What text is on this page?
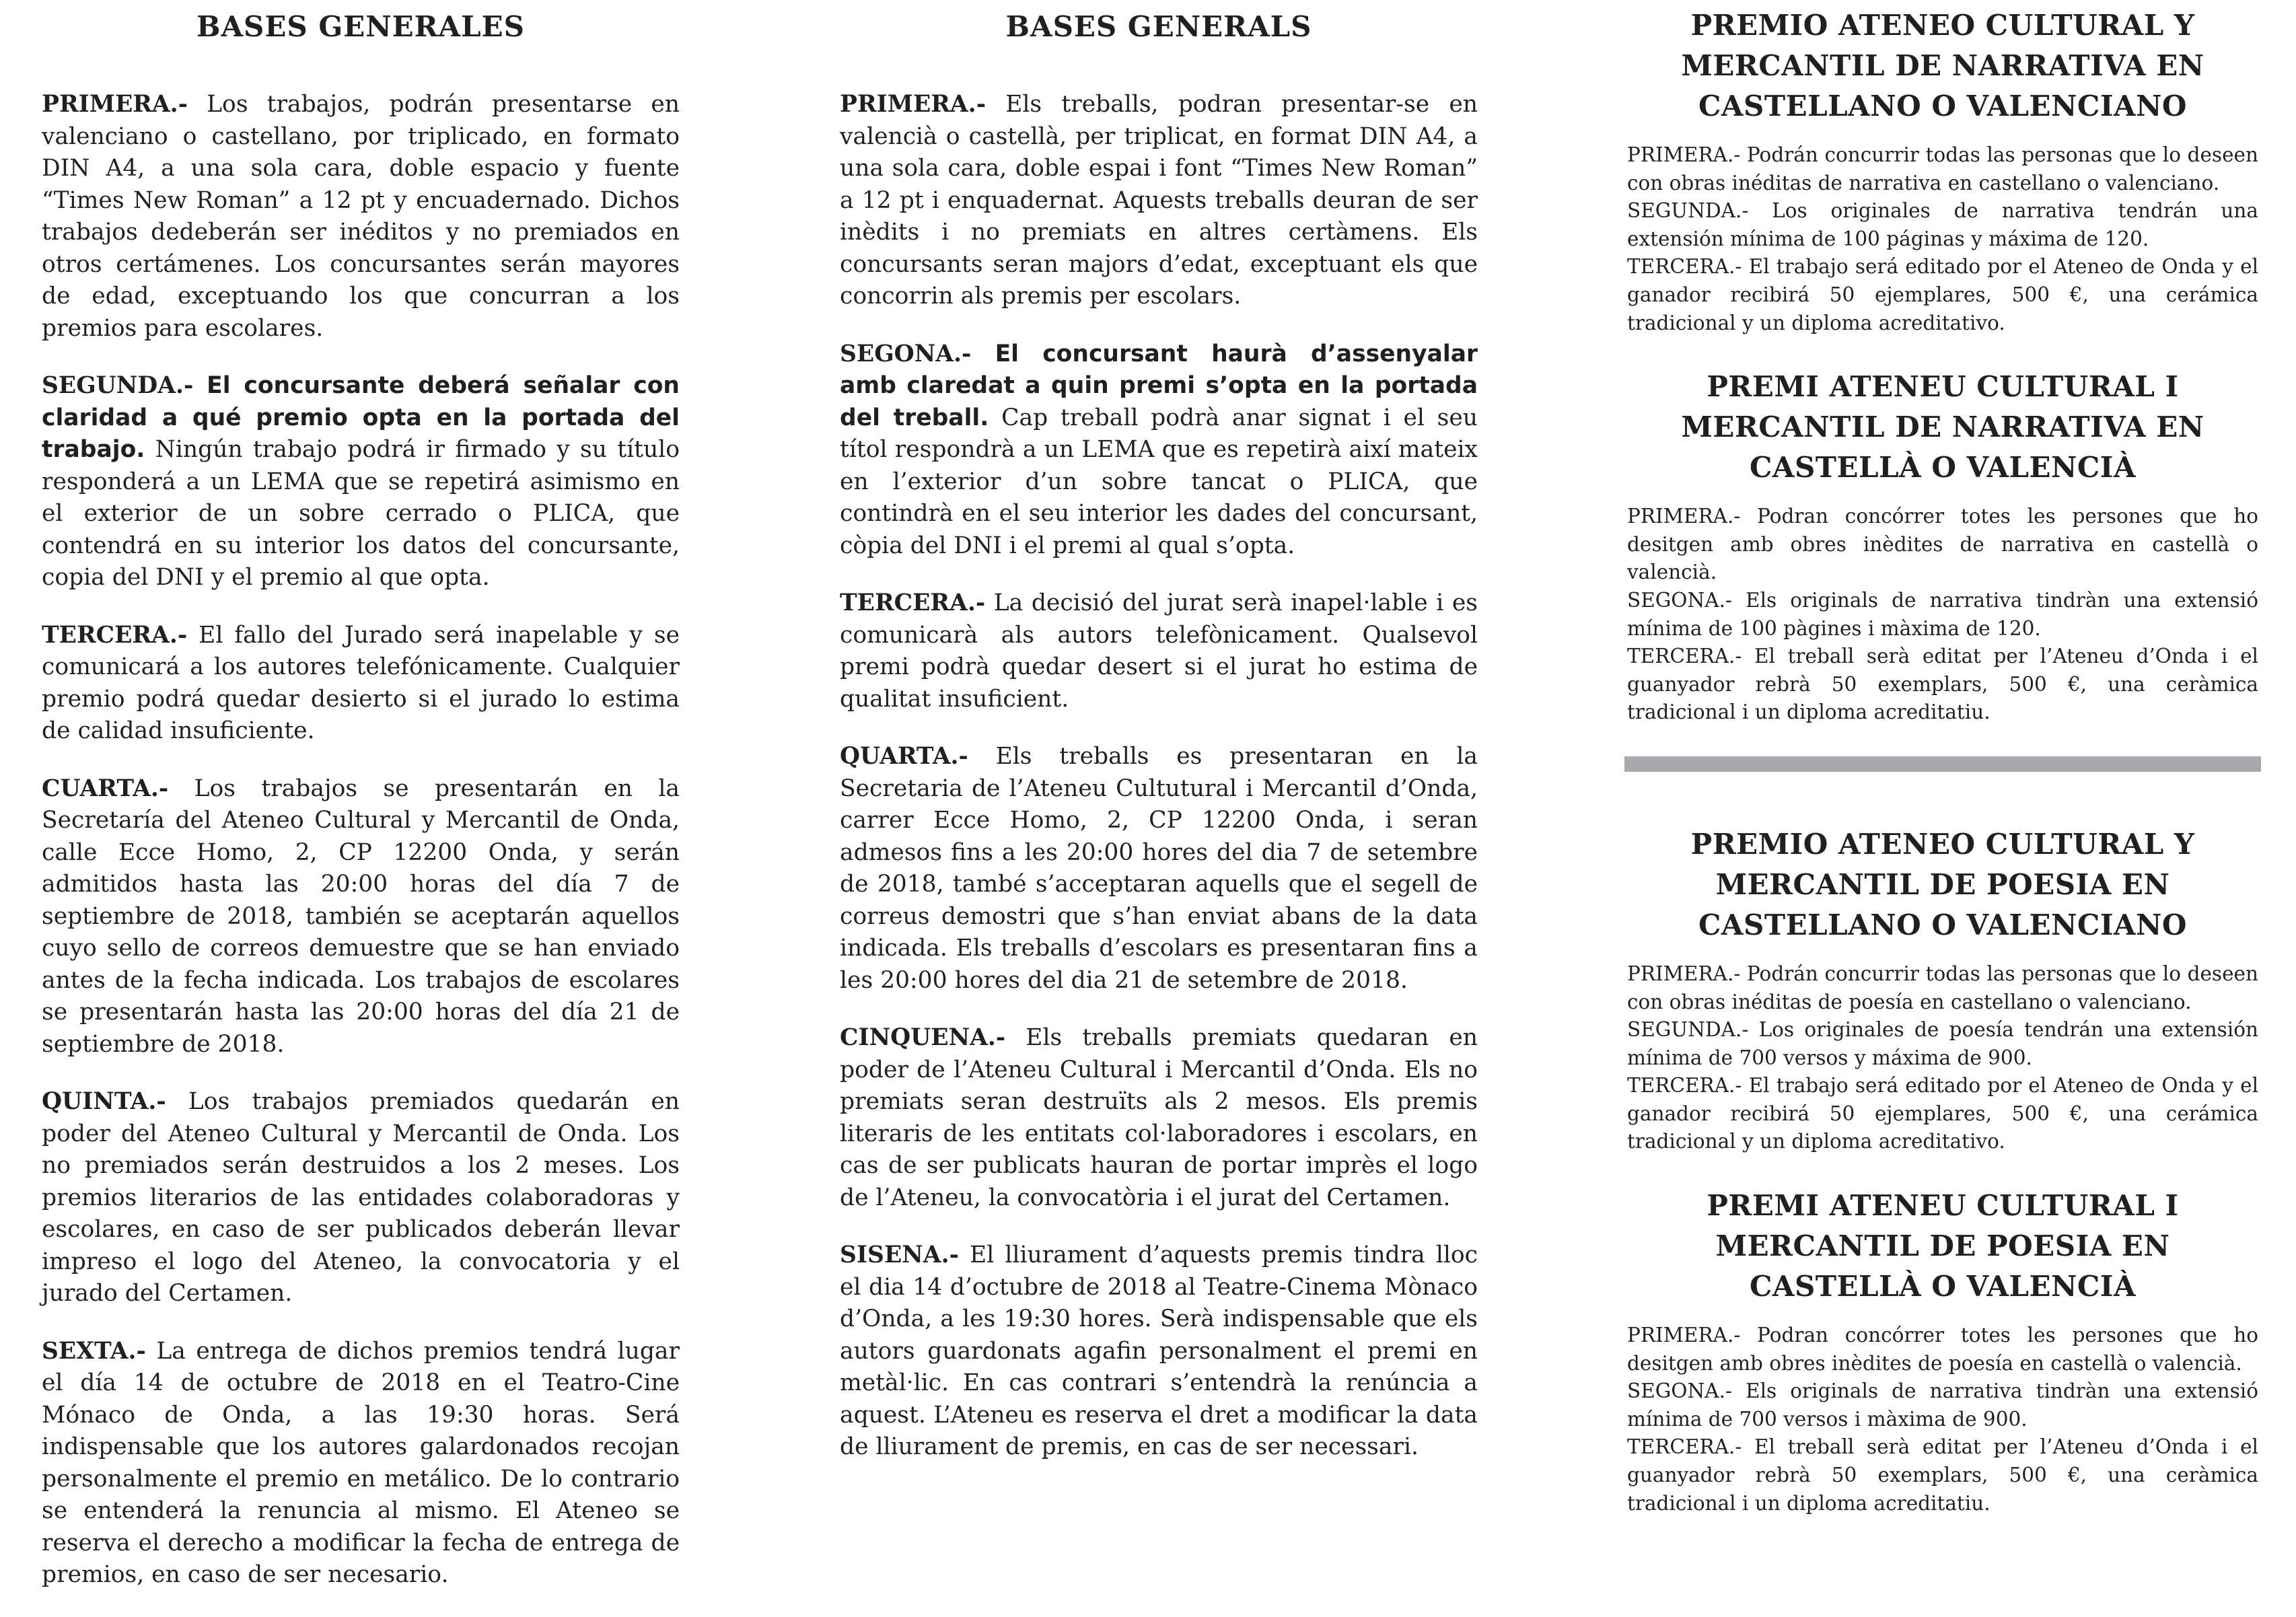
BASES GENERALES

PRIMERA.- Los trabajos, podrán presentarse en valenciano o castellano, por triplicado, en formato DIN A4, a una sola cara, doble espacio y fuente “Times New Roman” a 12 pt y encuadernado. Dichos trabajos dedeberán ser inéditos y no premiados en otros certámenes. Los concursantes serán mayores de edad, exceptuando los que concurran a los premios para escolares.

SEGUNDA.- El concursante deberá señalar con claridad a qué premio opta en la portada del trabajo. Ningún trabajo podrá ir firmado y su título responderá a un LEMA que se repetirá asimismo en el exterior de un sobre cerrado o PLICA, que contendrá en su interior los datos del concursante, copia del DNI y el premio al que opta.

TERCERA.- El fallo del Jurado será inapelable y se comunicará a los autores telefónicamente. Cualquier premio podrá quedar desierto si el jurado lo estima de calidad insuficiente.

CUARTA.- Los trabajos se presentarán en la Secretaría del Ateneo Cultural y Mercantil de Onda, calle Ecce Homo, 2, CP 12200 Onda, y serán admitidos hasta las 20:00 horas del día 7 de septiembre de 2018, también se aceptarán aquellos cuyo sello de correos demuestre que se han enviado antes de la fecha indicada. Los trabajos de escolares se presentarán hasta las 20:00 horas del día 21 de septiembre de 2018.

QUINTA.- Los trabajos premiados quedarán en poder del Ateneo Cultural y Mercantil de Onda. Los no premiados serán destruidos a los 2 meses. Los premios literarios de las entidades colaboradoras y escolares, en caso de ser publicados deberán llevar impreso el logo del Ateneo, la convocatoria y el jurado del Certamen.

SEXTA.- La entrega de dichos premios tendrá lugar el día 14 de octubre de 2018 en el Teatro-Cine Mónaco de Onda, a las 19:30 horas. Será indispensable que los autores galardonados recojan personalmente el premio en metálico. De lo contrario se entenderá la renuncia al mismo. El Ateneo se reserva el derecho a modificar la fecha de entrega de premios, en caso de ser necesario.

BASES GENERALS

PRIMERA.- Els treballs, podran presentar-se en valencià o castellà, per triplicat, en format DIN A4, a una sola cara, doble espai i font “Times New Roman” a 12 pt i enquadernat. Aquests treballs deuran de ser inèdits i no premiats en altres certàmens. Els concursants seran majors d’edat, exceptuant els que concorrin als premis per escolars.

SEGONA.- El concursant haurà d’assenyalar amb claredat a quin premi s’opta en la portada del treball. Cap treball podrà anar signat i el seu títol respondrà a un LEMA que es repetirà així mateix en l’exterior d’un sobre tancat o PLICA, que contindrà en el seu interior les dades del concursant, còpia del DNI i el premi al qual s’opta.

TERCERA.- La decisió del jurat serà inapel·lable i es comunicarà als autors telefònicament. Qualsevol premi podrà quedar desert si el jurat ho estima de qualitat insuficient.

QUARTA.- Els treballs es presentaran en la Secretaria de l’Ateneu Cultutural i Mercantil d’Onda, carrer Ecce Homo, 2, CP 12200 Onda, i seran admesos fins a les 20:00 hores del dia 7 de setembre de 2018, també s’acceptaran aquells que el segell de correus demostri que s’han enviat abans de la data indicada. Els treballs d’escolars es presentaran fins a les 20:00 hores del dia 21 de setembre de 2018.

CINQUENA.- Els treballs premiats quedaran en poder de l’Ateneu Cultural i Mercantil d’Onda. Els no premiats seran destruïts als 2 mesos. Els premis literaris de les entitats col·laboradores i escolars, en cas de ser publicats hauran de portar imprès el logo de l’Ateneu, la convocatòria i el jurat del Certamen.

SISENA.- El lliurament d’aquests premis tindra lloc el dia 14 d’octubre de 2018 al Teatre-Cinema Mònaco d’Onda, a les 19:30 hores. Serà indispensable que els autors guardonats agafin personalment el premi en metàl·lic. En cas contrari s’entendrà la renúncia a aquest. L’Ateneu es reserva el dret a modificar la data de lliurament de premis, en cas de ser necessari.

PREMIO ATENEO CULTURAL Y MERCANTIL DE NARRATIVA EN CASTELLANO O VALENCIANO

PRIMERA.- Podrán concurrir todas las personas que lo deseen con obras inéditas de narrativa en castellano o valenciano.

SEGUNDA.- Los originales de narrativa tendrán una extensión mínima de 100 páginas y máxima de 120.

TERCERA.- El trabajo será editado por el Ateneo de Onda y el ganador recibirá 50 ejemplares, 500 €, una cerámica tradicional y un diploma acreditativo.

PREMI ATENEU CULTURAL I MERCANTIL DE NARRATIVA EN CASTELLÀ O VALENCIÀ

PRIMERA.- Podran concórrer totes les persones que ho desitgen amb obres inèdites de narrativa en castellà o valencià.

SEGONA.- Els originals de narrativa tindràn una extensió mínima de 100 pàgines i màxima de 120.

TERCERA.- El treball serà editat per l’Ateneu d’Onda i el guanyador rebrà 50 exemplars, 500 €, una ceràmica tradicional i un diploma acreditatiu.

PREMIO ATENEO CULTURAL Y MERCANTIL DE POESIA EN CASTELLANO O VALENCIANO

PRIMERA.- Podrán concurrir todas las personas que lo deseen con obras inéditas de poesía en castellano o valenciano.

SEGUNDA.- Los originales de poesía tendrán una extensión mínima de 700 versos y máxima de 900.

TERCERA.- El trabajo será editado por el Ateneo de Onda y el ganador recibirá 50 ejemplares, 500 €, una cerámica tradicional y un diploma acreditativo.

PREMI ATENEU CULTURAL I MERCANTIL DE POESIA EN CASTELLÀ O VALENCIÀ

PRIMERA.- Podran concórrer totes les persones que ho desitgen amb obres inèdites de poesía en castellà o valencià.

SEGONA.- Els originals de narrativa tindràn una extensió mínima de 700 versos i màxima de 900.

TERCERA.- El treball serà editat per l’Ateneu d’Onda i el guanyador rebrà 50 exemplars, 500 €, una ceràmica tradicional i un diploma acreditatiu.
